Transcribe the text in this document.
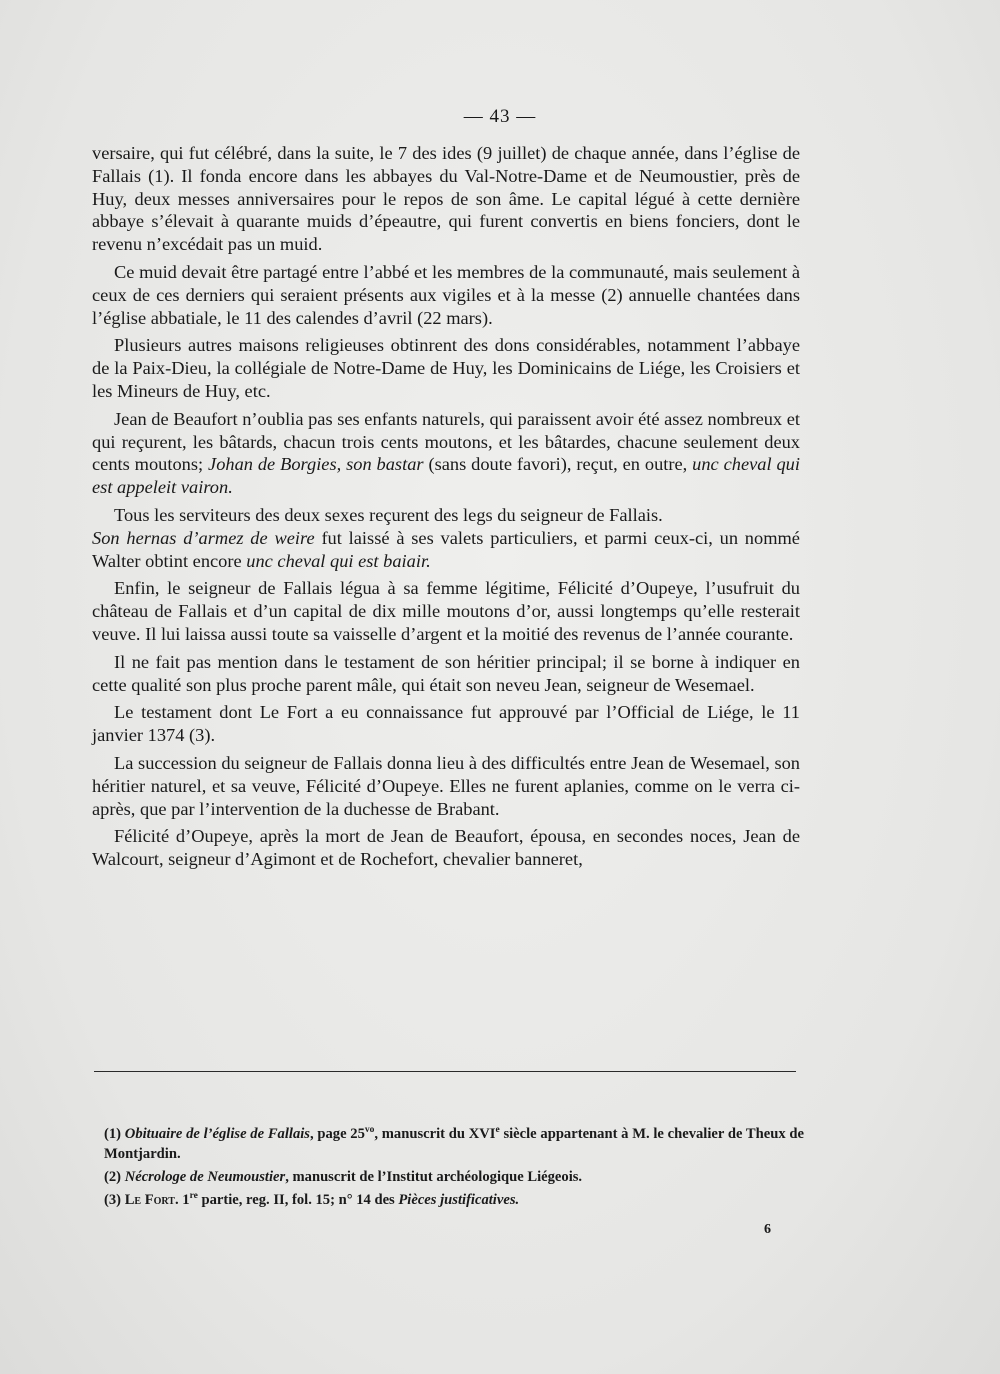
— 43 —

versaire, qui fut célébré, dans la suite, le 7 des ides (9 juillet) de chaque année, dans l’église de Fallais (1). Il fonda encore dans les abbayes du Val-Notre-Dame et de Neumoustier, près de Huy, deux messes anniversaires pour le repos de son âme. Le capital légué à cette dernière abbaye s’élevait à quarante muids d’épeautre, qui furent convertis en biens fonciers, dont le revenu n’excédait pas un muid.

Ce muid devait être partagé entre l’abbé et les membres de la communauté, mais seulement à ceux de ces derniers qui seraient présents aux vigiles et à la messe (2) annuelle chantées dans l’église abbatiale, le 11 des calendes d’avril (22 mars).

Plusieurs autres maisons religieuses obtinrent des dons considérables, notamment l’abbaye de la Paix-Dieu, la collégiale de Notre-Dame de Huy, les Dominicains de Liége, les Croisiers et les Mineurs de Huy, etc.

Jean de Beaufort n’oublia pas ses enfants naturels, qui paraissent avoir été assez nombreux et qui reçurent, les bâtards, chacun trois cents moutons, et les bâtardes, chacune seulement deux cents moutons; Johan de Borgies, son bastar (sans doute favori), reçut, en outre, unc cheval qui est appeleit vairon.

Tous les serviteurs des deux sexes reçurent des legs du seigneur de Fallais.

Son hernas d’armez de weire fut laissé à ses valets particuliers, et parmi ceux-ci, un nommé Walter obtint encore unc cheval qui est baiair.

Enfin, le seigneur de Fallais légua à sa femme légitime, Félicité d’Oupeye, l’usufruit du château de Fallais et d’un capital de dix mille moutons d’or, aussi longtemps qu’elle resterait veuve. Il lui laissa aussi toute sa vaisselle d’argent et la moitié des revenus de l’année courante.

Il ne fait pas mention dans le testament de son héritier principal; il se borne à indiquer en cette qualité son plus proche parent mâle, qui était son neveu Jean, seigneur de Wesemael.

Le testament dont Le Fort a eu connaissance fut approuvé par l’Official de Liége, le 11 janvier 1374 (3).

La succession du seigneur de Fallais donna lieu à des difficultés entre Jean de Wesemael, son héritier naturel, et sa veuve, Félicité d’Oupeye. Elles ne furent aplanies, comme on le verra ci-après, que par l’intervention de la duchesse de Brabant.

Félicité d’Oupeye, après la mort de Jean de Beaufort, épousa, en secondes noces, Jean de Walcourt, seigneur d’Agimont et de Rochefort, chevalier banneret,

(1) Obituaire de l’église de Fallais, page $25^{vo}$, manuscrit du XVIe siècle appartenant à M. le chevalier de Theux de Montjardin.

(2) Nécrologe de Neumoustier, manuscrit de l’Institut archéologique Liégeois.

(3) Le Fort. 1re partie, reg. II, fol. 15; n° 14 des Pièces justificatives.

6
